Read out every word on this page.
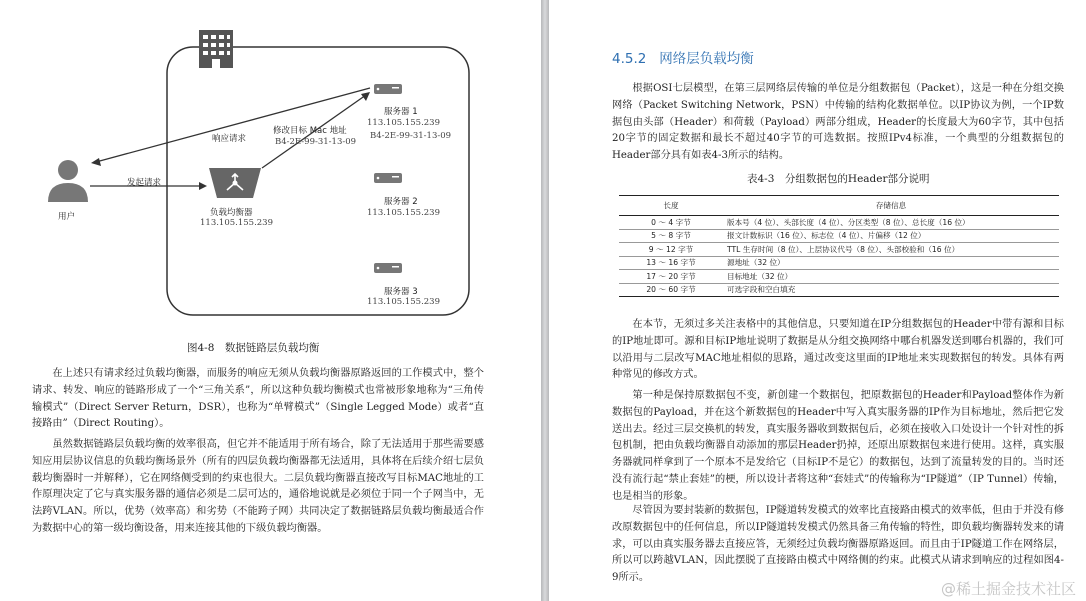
用户
发起请求
响应请求
修改目标 Mac 地址
B4-2E-99-31-13-09
负载均衡器
113.105.155.239
服务器 1
113.105.155.239
B4-2E-99-31-13-09
服务器 2
113.105.155.239
服务器 3
113.105.155.239
图4-8　数据链路层负载均衡

在上述只有请求经过负载均衡器，而服务的响应无须从负载均衡器原路返回的工作模式中，整个请求、转发、响应的链路形成了一个“三角关系”，所以这种负载均衡模式也常被形象地称为“三角传输模式”（Direct Server Return，DSR），也称为“单臂模式”（Single Legged Mode）或者“直接路由”（Direct Routing）。

虽然数据链路层负载均衡的效率很高，但它并不能适用于所有场合，除了无法适用于那些需要感知应用层协议信息的负载均衡场景外（所有的四层负载均衡器都无法适用，具体将在后续介绍七层负载均衡器时一并解释），它在网络侧受到的约束也很大。二层负载均衡器直接改写目标MAC地址的工作原理决定了它与真实服务器的通信必须是二层可达的，通俗地说就是必须位于同一个子网当中，无法跨VLAN。所以，优势（效率高）和劣势（不能跨子网）共同决定了数据链路层负载均衡最适合作为数据中心的第一级均衡设备，用来连接其他的下级负载均衡器。

4.5.2 网络层负载均衡

根据OSI七层模型，在第三层网络层传输的单位是分组数据包（Packet），这是一种在分组交换网络（Packet Switching Network，PSN）中传输的结构化数据单位。以IP协议为例，一个IP数据包由头部（Header）和荷载（Payload）两部分组成，Header的长度最大为60字节，其中包括20字节的固定数据和最长不超过40字节的可选数据。按照IPv4标准，一个典型的分组数据包的Header部分具有如表4-3所示的结构。

表4-3　分组数据包的Header部分说明
长度	存储信息
0 ～ 4 字节	版本号（4 位）、头部长度（4 位）、分区类型（8 位）、总长度（16 位）
5 ～ 8 字节	报文计数标识（16 位）、标志位（4 位）、片偏移（12 位）
9 ～ 12 字节	TTL 生存时间（8 位）、上层协议代号（8 位）、头部校验和（16 位）
13 ～ 16 字节	源地址（32 位）
17 ～ 20 字节	目标地址（32 位）
20 ～ 60 字节	可选字段和空白填充

在本节，无须过多关注表格中的其他信息，只要知道在IP分组数据包的Header中带有源和目标的IP地址即可。源和目标IP地址说明了数据是从分组交换网络中哪台机器发送到哪台机器的，我们可以沿用与二层改写MAC地址相似的思路，通过改变这里面的IP地址来实现数据包的转发。具体有两种常见的修改方式。

第一种是保持原数据包不变，新创建一个数据包，把原数据包的Header和Payload整体作为新数据包的Payload，并在这个新数据包的Header中写入真实服务器的IP作为目标地址，然后把它发送出去。经过三层交换机的转发，真实服务器收到数据包后，必须在接收入口处设计一个针对性的拆包机制，把由负载均衡器自动添加的那层Header扔掉，还原出原数据包来进行使用。这样，真实服务器就同样拿到了一个原本不是发给它（目标IP不是它）的数据包，达到了流量转发的目的。当时还没有流行起“禁止套娃”的梗，所以设计者将这种“套娃式”的传输称为“IP隧道”（IP Tunnel）传输，也是相当的形象。

尽管因为要封装新的数据包，IP隧道转发模式的效率比直接路由模式的效率低，但由于并没有修改原数据包中的任何信息，所以IP隧道转发模式仍然具备三角传输的特性，即负载均衡器转发来的请求，可以由真实服务器去直接应答，无须经过负载均衡器原路返回。而且由于IP隧道工作在网络层，所以可以跨越VLAN，因此摆脱了直接路由模式中网络侧的约束。此模式从请求到响应的过程如图4-9所示。

@稀土掘金技术社区
